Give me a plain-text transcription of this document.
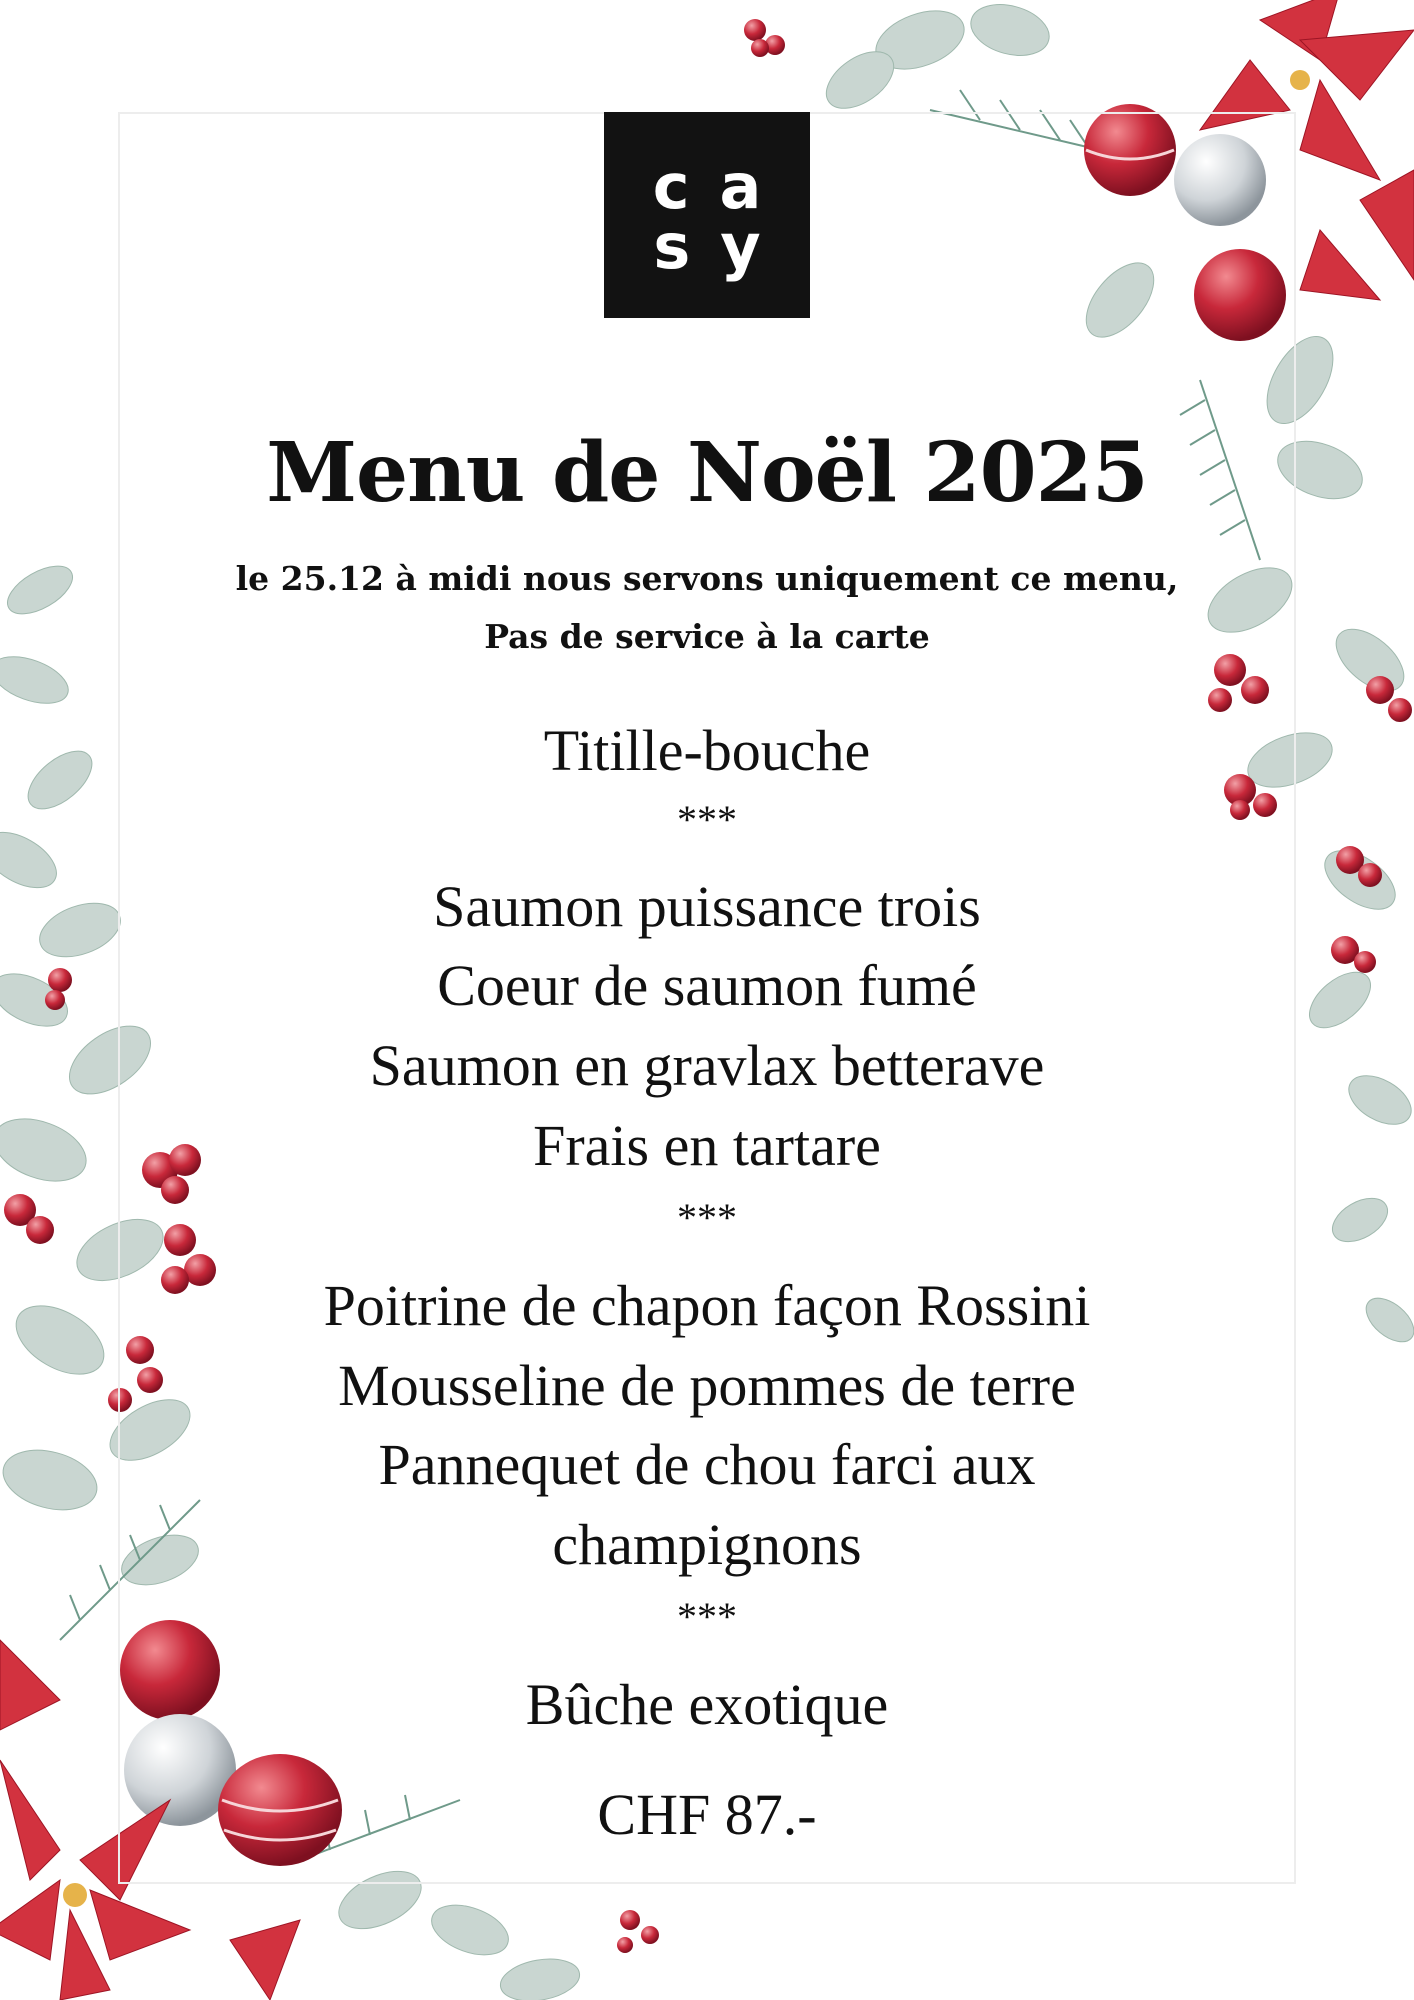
ca
sy
Menu de Noël 2025
le 25.12 à midi nous servons uniquement ce menu,
Pas de service à la carte
Titille-bouche
***
Saumon puissance trois
Coeur de saumon fumé
Saumon en gravlax betterave
Frais en tartare
***
Poitrine de chapon façon Rossini
Mousseline de pommes de terre
Pannequet de chou farci aux
champignons
***
Bûche exotique
CHF 87.-
